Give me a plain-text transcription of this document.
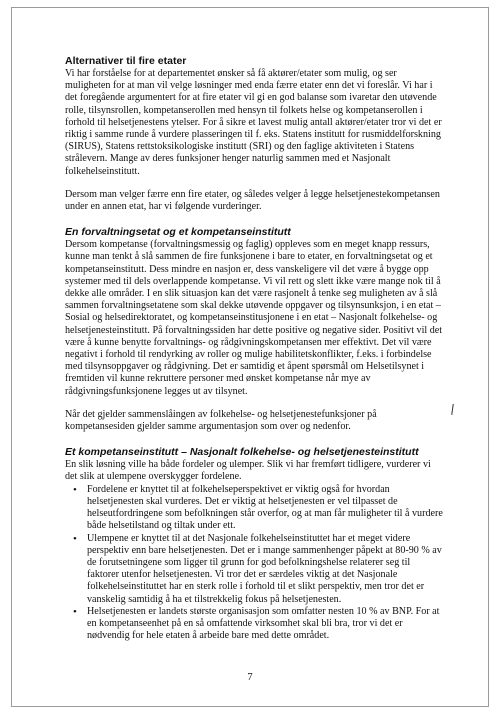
Alternativer til fire etater

Vi har forståelse for at departementet ønsker så få aktører/etater som mulig, og ser muligheten for at man vil velge løsninger med enda færre etater enn det vi foreslår. Vi har i det foregående argumentert for at fire etater vil gi en god balanse som ivaretar den utøvende rolle, tilsynsrollen, kompetanserollen med hensyn til folkets helse og kompetanserollen i forhold til helsetjenestens ytelser. For å sikre et lavest mulig antall aktører/etater tror vi det er riktig i samme runde å vurdere plasseringen til f. eks. Statens institutt for rusmiddelforskning (SIRUS), Statens rettstoksikologiske institutt (SRI) og den faglige aktiviteten i Statens strålevern. Mange av deres funksjoner henger naturlig sammen med et Nasjonalt folkehelseinstitutt.

Dersom man velger færre enn fire etater, og således velger å legge helsetjenestekompetansen under en annen etat, har vi følgende vurderinger.

En forvaltningsetat og et kompetanseinstitutt

Dersom kompetanse (forvaltningsmessig og faglig) oppleves som en meget knapp ressurs, kunne man tenkt å slå sammen de fire funksjonene i bare to etater, en forvaltningsetat og et kompetanseinstitutt. Dess mindre en nasjon er, dess vanskeligere vil det være å bygge opp systemer med til dels overlappende kompetanse. Vi vil rett og slett ikke være mange nok til å dekke alle områder. I en slik situasjon kan det være rasjonelt å tenke seg muligheten av å slå sammen forvaltningsetatene som skal dekke utøvende oppgaver og tilsynsunksjon, i en etat – Sosial og helsedirektoratet, og kompetanseinstitusjonene i en etat – Nasjonalt folkehelse- og helsetjenesteinstitutt. På forvaltningssiden har dette positive og negative sider. Positivt vil det være å kunne benytte forvaltnings- og rådgivningskompetansen mer effektivt. Det vil være negativt i forhold til rendyrking av roller og mulige habilitetskonflikter, f.eks. i forbindelse med tilsynsoppgaver og rådgivning. Det er samtidig et åpent spørsmål om Helsetilsynet i fremtiden vil kunne rekruttere personer med ønsket kompetanse når mye av rådgivningsfunksjonene legges ut av tilsynet.

Når det gjelder sammenslåingen av folkehelse- og helsetjenestefunksjoner på kompetansesiden gjelder samme argumentasjon som over og nedenfor.

Et kompetanseinstitutt – Nasjonalt folkehelse- og helsetjenesteinstitutt

En slik løsning ville ha både fordeler og ulemper. Slik vi har fremført tidligere, vurderer vi det slik at ulempene overskygger fordelene.

• Fordelene er knyttet til at folkehelseperspektivet er viktig også for hvordan helsetjenesten skal vurderes. Det er viktig at helsetjenesten er vel tilpasset de helseutfordringene som befolkningen står overfor, og at man får muligheter til å vurdere både helsetilstand og tiltak under ett.
• Ulempene er knyttet til at det Nasjonale folkehelseinstituttet har et meget videre perspektiv enn bare helsetjenesten. Det er i mange sammenhenger påpekt at 80-90 % av de forutsetningene som ligger til grunn for god befolkningshelse relaterer seg til faktorer utenfor helsetjenesten. Vi tror det er særdeles viktig at det Nasjonale folkehelseinstituttet har en sterk rolle i forhold til et slikt perspektiv, men tror det er vanskelig samtidig å ha et tilstrekkelig fokus på helsetjenesten.
• Helsetjenesten er landets største organisasjon som omfatter nesten 10 % av BNP. For at en kompetanseenhet på en så omfattende virksomhet skal bli bra, tror vi det er nødvendig for hele etaten å arbeide bare med dette området.
7
